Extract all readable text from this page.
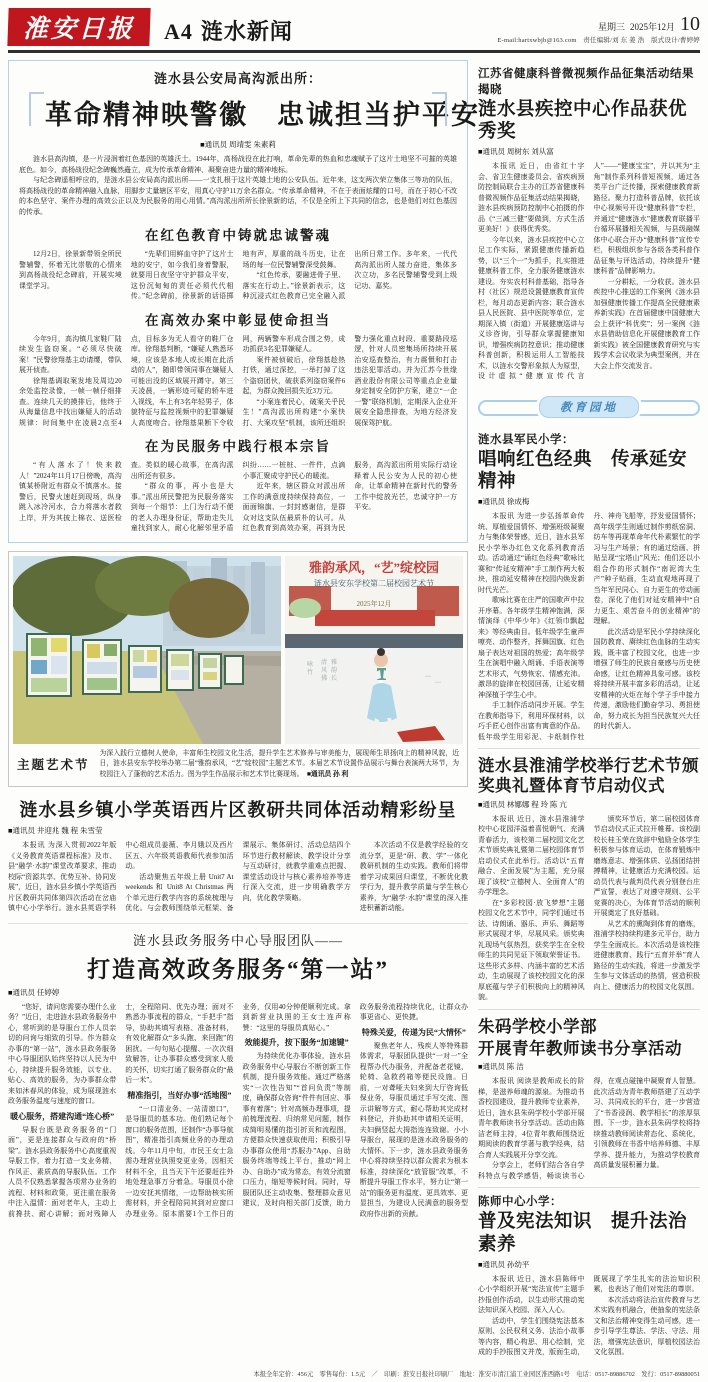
淮安日报 A4 涟水新闻	星期三 2025年12月 10
E-mail:hartxwbjb@163.com　责任编辑/刘 东 姜 浩　版式设计/曹婷婷
涟水县公安局高沟派出所：
革命精神映警徽　忠诚担当护平安
■通讯员 周靖雯 朱素莉

涟水县高沟镇，是一片浸润着红色基因的英雄沃土。1944年，高杨战役在此打响，革命先辈的热血和忠魂赋予了这片土地坚不可摧的英雄底色。如今，高杨战役纪念碑巍然矗立，成为传承革命精神、凝聚奋进力量的精神地标。

与纪念碑遥相呼应的，是涟水县公安局高沟派出所——一支扎根于这片英雄土地的公安队伍。近年来，这支两次荣立集体三等功的队伍，将高杨战役的革命精神融入血脉，用脚步丈量辖区平安，用真心守护11万余名群众。“传承革命精神，不在于表面炫耀的口号，而在于初心不改的本色坚守、案件办理的高效公正以及为民服务的用心用情。”高沟派出所所长徐景新的话，不仅是全所上下共同的信念，也是他们对红色基因的传承。

在红色教育中铸就忠诚警魂

12月2日，徐景新带领全所民警辅警，怀着无比崇敬的心情来到高杨战役纪念碑前，开展实境课堂学习。

“先辈们用鲜血守护了这片土地的安宁，如今我们身着警服，就要用日夜坚守守护群众平安，这份沉甸甸的责任必须代代相传。”纪念碑前，徐景新的话语掷地有声，厚重的战斗历史，让在场的每一位民警辅警深受鼓舞。

“红色传承，要融进骨子里、落实在行动上。”徐景新表示，这种沉浸式红色教育已完全融入派出所日常工作。多年来，一代代高沟派出所人接力奋进，集体多次立功，多名民警辅警受到上级记功、嘉奖。

在高效办案中彰显使命担当

今年9月，高沟镇几家鞋厂陆续发生盗窃案。“必须尽快破案！”民警徐翔基主动请缨，带队展开侦查。

徐翔基调取案发地及周边20余处监控录像，一帧一帧仔细排查。连续几天的摸排后，他终于从海量信息中找出嫌疑人的活动规律：时间集中在凌晨2点至4点，目标多为无人看守的鞋厂仓库。徐翔基判断，“嫌疑人熟悉环境，应该是本地人或长期在此活动的人”，随即带领同事在嫌疑人可能出没的区域展开蹲守。第三天凌晨，一辆形迹可疑的轿车进入视线，车上有3名年轻男子，体貌特征与监控视频中的犯罪嫌疑人高度吻合。徐翔基果断下令收网，两辆警车形成合围之势，成功抓获3名犯罪嫌疑人。

案件被侦破后，徐翔基趁热打铁，通过深挖，一举打掉了这个盗窃团伙，破获系列盗窃案件6起，为群众挽回损失近3万元。

“小案连着民心，破案关乎民生！”高沟派出所构建“小案快打、大案攻坚”机制，该所还组织警力强化重点时段、重要路段巡逻，针对人员密集场所持续开展治安巡查整治，有力震慑和打击违法犯罪活动。并为江苏今世缘酒业股份有限公司等重点企业量身定制安全防护方案，建立“一企一警”联络机制，定期深入企业开展安全隐患排查，为地方经济发展保驾护航。

在为民服务中践行根本宗旨

“有人落水了！快来救人！”2024年11月17日傍晚，高沟镇某桥附近有群众不慎落水。接警后，民警火速赶到现场，纵身跳入冰冷河水，合力将落水者救上岸，并为其披上棉衣、送医检查。类似的暖心故事，在高沟派出所还有很多。

“群众的事，再小也是大事。”派出所民警把为民服务落实到每一个细节：上门为行动不便的老人办理身份证，帮助走失儿童找到家人，耐心化解邻里矛盾纠纷……一桩桩、一件件，点滴小事汇聚成守护民心的暖流。

近年来，辖区群众对派出所工作的满意度持续保持高位，一面面锦旗、一封封感谢信，是群众对这支队伍最质朴的认可。从红色教育到高效办案，再到为民服务，高沟派出所用实际行动诠释着人民公安为人民的初心使命，让革命精神在新时代的警务工作中绽放光芒，忠诚守护一方平安。

雅韵承风，“艺”绽校园
涟水县安东学校第二届校园艺术节
2025年12月
咏
竹
清
风
拂
雅
韵
长
﹏
﹏
主题艺术节
为深入践行立德树人使命，丰富师生校园文化生活，提升学生艺术修养与审美能力，展现师生昂扬向上的精神风貌，近日，涟水县安东学校举办第二届“雅韵承风，“艺”绽校园”主题艺术节。本届艺术节设置作品展示与舞台表演两大环节，为校园注入了蓬勃的艺术活力。图为学生作品展示和艺术节比赛现场。　 ■通讯员 孙 利
涟水县乡镇小学英语西片区教研共同体活动精彩纷呈
■通讯员 井迎兆 魏 程 朱雪莹

本报讯 为深入贯彻2022年版《义务教育英语课程标准》及市、县“融学·水韵”课堂改革要求，推动校际“资源共享、优势互补、协同发展”，近日，涟水县乡镇小学英语西片区教研共同体第四次活动在岔庙镇中心小学举行。涟水县英语学科中心组成员姜薇、李月娥以及西片区五、六年级英语教师代表参加活动。

活动聚焦五年级上册 Unit7 At weekends 和 Unit8 At Christmas 两个单元进行教学内容的系统梳理与优化。与会教师围绕单元框架、备课展示、集体研讨、活动总结四个环节进行教材解读、教学设计分享与互动研讨，就教学重难点把握、课堂活动设计与核心素养培养等进行深入交流，进一步明确教学方向，优化教学策略。

本次活动不仅是教学经验的交流分享，更是“研、教、学”一体化教研机制的生动实践。教师们将带着学习成果回归课堂，不断优化教学行为，提升教学质量与学生核心素养，为“融学·水韵”课堂的深入推进积蓄新动能。

涟水县政务服务中心导服团队——
打造高效政务服务“第一站”
■通讯员 任婷婷

“您好，请问您需要办理什么业务？”近日，走进涟水县政务服务中心，常听到的是导服台工作人员亲切的问询与细致的引导。作为群众办事的“第一站”，涟水县政务服务中心导服团队始终坚持以人民为中心，持续提升服务效能，以专业、贴心、高效的服务，为办事群众带来如沐春风的体验，成为展现涟水政务服务温度与速度的窗口。

暖心服务，搭建沟通“连心桥”

导服台既是政务服务的“门面”，更是连接群众与政府的“桥梁”。涟水县政务服务中心高度重视导服工作，着力打造一支业务精、作风正、素质高的导服队伍。工作人员不仅熟悉掌握各项常办业务的流程、材料和政策，更注重在服务中注入温情：面对老年人，主动上前搀扶、耐心讲解；面对残障人士，全程陪同、优先办理；面对不熟悉办事流程的群众，“手把手”指导，协助其填写表格、准备材料，有效化解群众“多头跑、来回跑”的困扰。一句句贴心提醒、一次次细致解答，让办事群众感受到家人般的关怀，切实打通了服务群众的“最后一米”。

精准指引，当好办事“活地图”

“一口清业务、一站清窗口”，是导服员的基本功。他们熟记每个窗口的服务范围，还制作“办事导航图”，精准指引高频业务的办理动线。今年11月中旬，市民王女士急需办理营业执照变更业务，因相关材料不全，且当天下午还要赶往外地处理急事万分着急。导服员小徐一边安抚其情绪，一边帮助核实所需材料，并全程陪同其到对应窗口办理业务。原本需要1个工作日的业务，仅用40分钟便顺利完成。拿到新营业执照的王女士连声称赞：“这里的导服员真贴心。”

效能提升，按下服务“加速键”

为持续优化办事体验，涟水县政务服务中心导服台不断创新工作机制，提升服务效能。通过严格落实“一次性告知”“首问负责”等制度，确保群众咨询“件件有回应、事事有着落”；针对高频办理事项，提前梳理流程、归纳常见问题，制作成简明易懂的指引折页和流程图，方便群众快速获取使用；积极引导办事群众使用“苏服办”App、自助服务终端等线上平台，推动“网上办、自助办”成为常态，有效分流窗口压力，缩短等候时间。同时，导服团队还主动收集、整理群众意见建议，及时向相关部门反馈，助力政务服务流程持续优化，让群众办事更省心、更快捷。

特殊关爱，传递为民“大情怀”

聚焦老年人、残疾人等特殊群体需求，导服团队提供“一对一”全程帮办代办服务，并配备老花镜、轮椅、急救药箱等便民设施。日前，一对聋哑夫妇来到大厅咨询低保业务，导服员通过手写交流、图示讲解等方式，耐心帮助其完成材料登记，并协助其申请相关证明，夫妇俩竖起大拇指连连致谢。小小导服台，展现的是涟水政务服务的大情怀。下一步，涟水县政务服务中心将持续坚持以群众需求为根本标准，持续深化“放管服”改革，不断提升导服工作水平，努力让“第一站”的服务更有温度、更具效率、更显担当，为建设人民满意的服务型政府作出新的贡献。

江苏省健康科普微视频作品征集活动结果揭晓
涟水县疾控中心作品获优秀奖
■通讯员 周树东 刘从富

本报讯 近日，由省红十字会、省卫生健康委员会、省疾病预防控制局联合主办的江苏省健康科普微视频作品征集活动结果揭晓，涟水县疾病预防控制中心拍摄的作品《“三减三健”要做到，方式生活更美好！》获得优秀奖。

今年以来，涟水县疾控中心立足工作实际，紧跟健康传播新趋势，以“三个一”为抓手，扎实推进健康科普工作，全力服务健康涟水建设。夯实农村科普基础，指导各村（社区）规范设置健康教育宣传栏，每月动态更新内容；联合涟水县人民医院、县中医院等单位，定期深入镇（街道）开展健康巡讲与义诊咨询，引导群众掌握健康知识，增强疾病防控意识；推动健康科普创新，积极运用人工智能技术，以涟水交警形象拟人为原型，设计虚拟“健康宣传代言人”——“健康宝宝”，并以其为“主角”制作系列科普短视频，通过各类平台广泛传播，探索健康教育新路径。聚力打造科普品牌，依托该中心视频号开设“健康科普”专栏，并通过“健康涟水”健康教育联播平台循环展播相关视频，与县级融媒体中心联合开办“健康科普”宣传专栏，积极组织参与各级各类科普作品征集与评选活动，持续提升“健康科普”品牌影响力。

一分耕耘，一分收获。涟水县疾控中心推送的工作案例《涟水县加强健康传播工作提高全民健康素养新实践》在首届健康中国健康大会上获评“科优奖”；另一案例《涟水县借助信息化开展健康教育工作新实践》被全国健康教育研究与实践学术会议收录为典型案例，并在大会上作交流发言。

教育园地
涟水县军民小学：
唱响红色经典　传承延安精神
■通讯员 徐成梅

本报讯 为进一步弘扬革命传统、厚植爱国情怀、增强班级凝聚力与集体荣誉感，近日，涟水县军民小学举办红色文化系列教育活动。活动通过“诵红色经典”歌咏比赛和“传延安精神”手工制作两大板块，推动延安精神在校园内焕发新时代光芒。

歌咏比赛在庄严的国歌声中拉开序幕。各年级学生精神饱满，深情演绎《中华少年》《红领巾飘起来》等经典曲目。低年级学生童声嘹亮、动作整齐，挥舞国旗、红色扇子表达对祖国的热爱；高年级学生在演唱中融入朗诵、手语表演等艺术形式，气势恢宏、情感充沛。激昂的旋律在校园回荡，让延安精神深植于学生心中。

手工制作活动同步开展。学生在教师指导下，利用环保材料，以巧手匠心创作出富有寓意的作品。低年级学生用彩泥、卡纸制作牡丹、神舟飞船等，抒发爱国情怀；高年级学生则通过制作剪纸窑洞、纺车等再现革命年代朴素繁忙的学习与生产场景；有的通过绘画、拼贴呈现“宝塔山”风光；他们还以小组合作的形式制作“南泥湾大生产”种子贴画，生动直观地再现了当年军民同心、自力更生的劳动画卷，深化了他们对延安精神中“自力更生、艰苦奋斗的创业精神”的理解。

此次活动是军民小学持续深化国防教育、赓续红色血脉的生动实践，既丰富了校园文化，也进一步增强了师生的民族自豪感与历史使命感，让红色精神具象可感。该校将持续开展丰富多彩的活动，让延安精神的火炬在每个学子手中接力传递，激励他们勤奋学习、勇担使命，努力成长为担当民族复兴大任的时代新人。

涟水县淮浦学校举行艺术节颁奖典礼暨体育节启动仪式
■通讯员 林娜娜 程 玲 陈 亢

本报讯 近日，涟水县淮浦学校中心花园洋溢着喜悦朝气、充满青春活力，该校第二届校园文化艺术节颁奖典礼暨第二届校园体育节启动仪式在此举行。活动以“五育融合、全面发展”为主题，充分展现了该校“立德树人、全面育人”的办学理念。

在“多彩校园·放飞梦想”主题校园文化艺术节中，同学们通过书法、诗朗诵、器乐、声乐、舞蹈等形式展现才华，尽展风采。颁奖典礼现场气氛热烈，获奖学生在全校师生的共同见证下领取荣誉证书。这些形式多样、内涵丰富的艺术活动，生动展现了该校校园文化的深厚底蕴与学子们积极向上的精神风貌。

颁奖环节后，第二届校园体育节启动仪式正式拉开帷幕。该校副校长桂玉荣在致辞中勉励全体学生积极参与体育运动，在体育锻炼中磨炼意志、增强体质、弘扬团结拼搏精神，让健康活力充满校园。运动员代表与裁判员代表分别登台庄严宣誓，表达了对遵守规则、公平竞赛的决心，为体育节活动的顺利开展奠定了良好基础。

从艺术的熏陶到体育的磨炼，淮浦学校持续构建多元平台，助力学生全面成长。本次活动是该校推进健康教育、践行“五育并举”育人路径的生动实践，将进一步激发学生参与文体活动的热情，营造积极向上、健康活力的校园文化氛围。

朱码学校小学部
开展青年教师读书分享活动
■通讯员 陈 洁

本报讯 阅读是教师成长的阶梯，是滋养师魂的源泉。为推动书香校园建设，提升教师专业素养，近日，涟水县朱码学校小学部开展青年教师读书分享活动。活动由陈洁老师主持，4位青年教师围绕近期阅读的教育学著与教学经典，结合育人实践展开分享交流。

分享会上，老师们结合各自学科特点与教学感悟，畅谈读书心得，在观点碰撞中凝聚育人智慧。此次活动为青年教师搭建了互动学习、共同成长的平台，进一步营造了“书香浸润、教学相长”的浓厚氛围。下一步，涟水县朱码学校将持续推动教师阅读常态化、系统化，引领教师在书香中培养师德、丰厚学养、提升能力，为推动学校教育高质量发展积蓄力量。

陈师中心小学：
普及宪法知识　提升法治素养
■通讯员 孙幼平

本报讯 近日，涟水县陈师中心小学组织开展“宪法宣传”主题手抄报创作活动，以生动形式推动宪法知识深入校园、深入人心。

活动中，学生们围绕宪法基本原则、公民权利义务、法治小故事等内容，精心构思、用心绘制，完成的手抄报图文并茂，版面生动，既展现了学生扎实的法治知识积累，也表达了他们对宪法的尊崇。

本次活动将法治宣传教育与艺术实践有机融合，使抽象的宪法条文和法治精神变得生动可感，进一步引导学生尊法、学法、守法、用法，增强宪法意识，厚植校园法治文化氛围。

本报全年定价：456元　零售每份：1.5元　／　印刷：淮安日报社印刷厂　地址：淮安市清江浦工业园区淮西路1号　电话：0517-89886702　发行：0517-89880051
